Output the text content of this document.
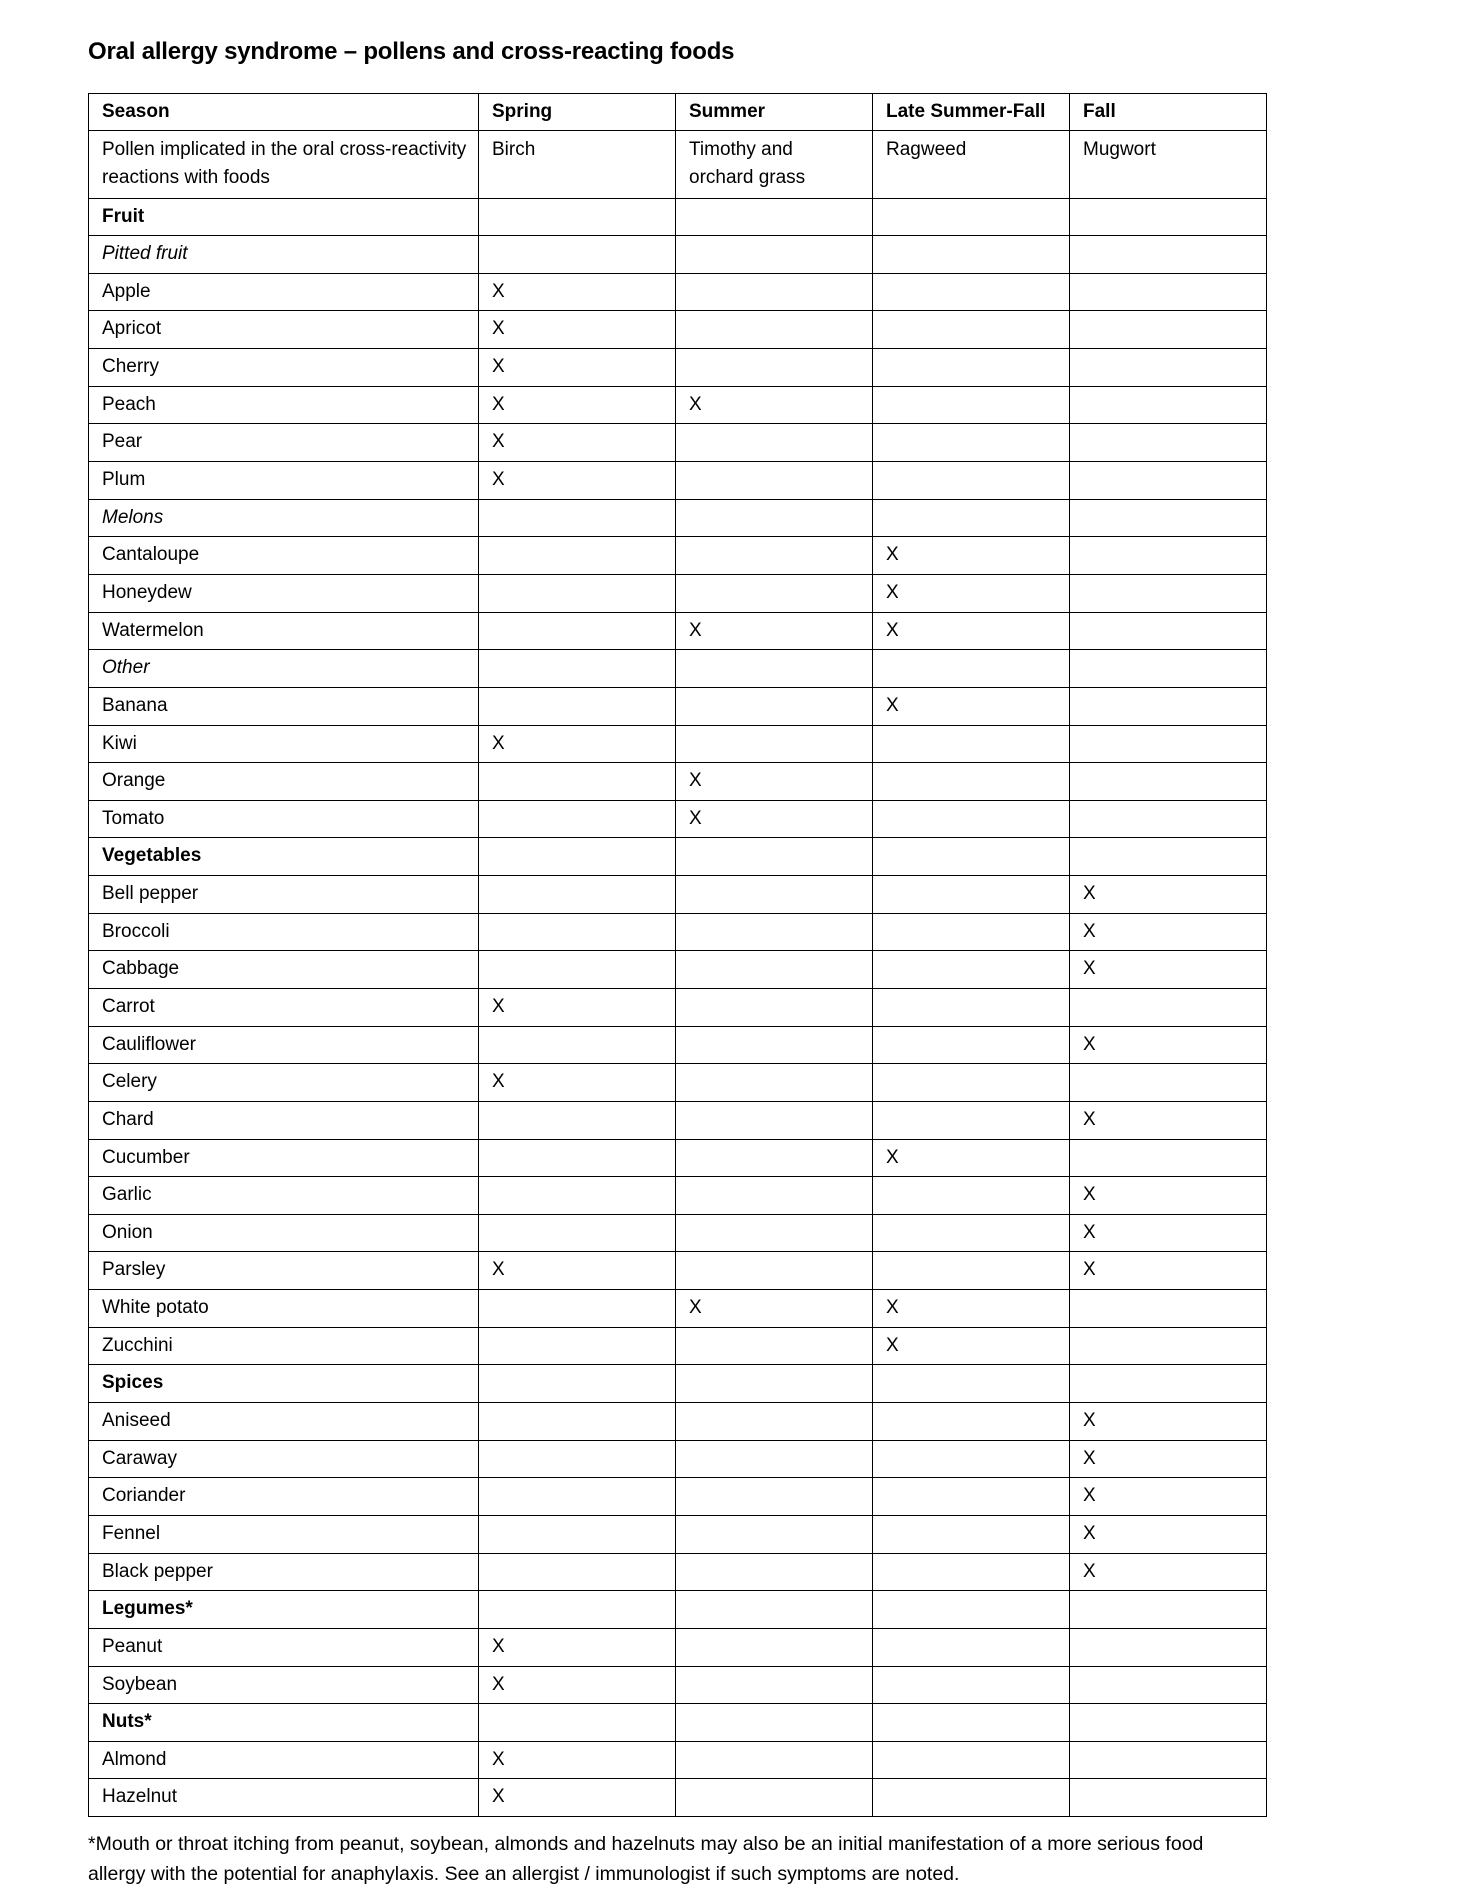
Oral allergy syndrome – pollens and cross-reacting foods
Season	Spring	Summer	Late Summer-Fall	Fall
Pollen implicated in the oral cross-reactivity reactions with foods	Birch	Timothy and orchard grass	Ragweed	Mugwort
Fruit				
Pitted fruit				
Apple	X			
Apricot	X			
Cherry	X			
Peach	X	X		
Pear	X			
Plum	X			
Melons				
Cantaloupe			X	
Honeydew			X	
Watermelon		X	X	
Other				
Banana			X	
Kiwi	X			
Orange		X		
Tomato		X		
Vegetables				
Bell pepper				X
Broccoli				X
Cabbage				X
Carrot	X			
Cauliflower				X
Celery	X			
Chard				X
Cucumber			X	
Garlic				X
Onion				X
Parsley	X			X
White potato		X	X	
Zucchini			X	
Spices				
Aniseed				X
Caraway				X
Coriander				X
Fennel				X
Black pepper				X
Legumes*				
Peanut	X			
Soybean	X			
Nuts*				
Almond	X			
Hazelnut	X			

*Mouth or throat itching from peanut, soybean, almonds and hazelnuts may also be an initial manifestation of a more serious food allergy with the potential for anaphylaxis. See an allergist / immunologist if such symptoms are noted.
